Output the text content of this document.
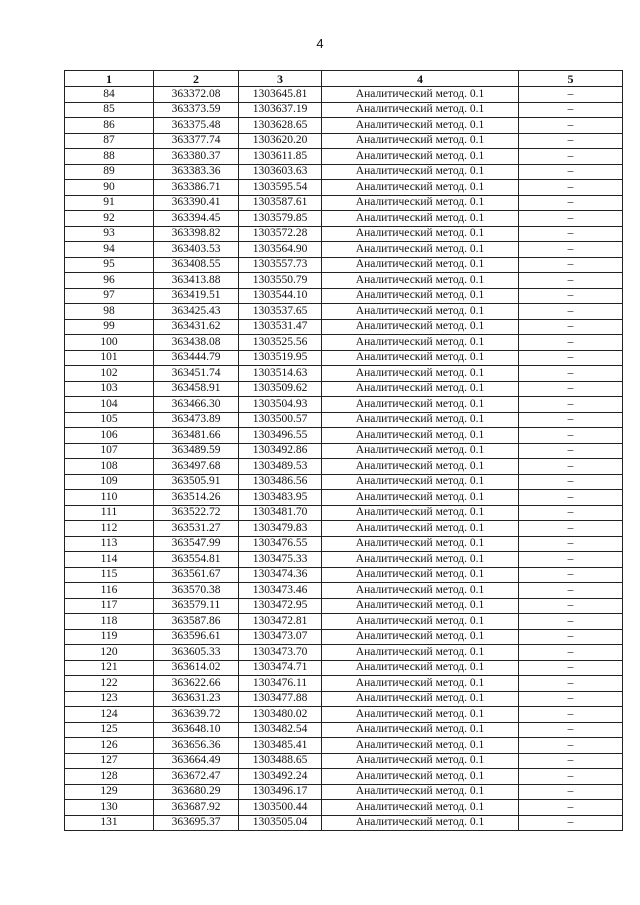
4
1	2	3	4	5
84	363372.08	1303645.81	Аналитический метод. 0.1	–
85	363373.59	1303637.19	Аналитический метод. 0.1	–
86	363375.48	1303628.65	Аналитический метод. 0.1	–
87	363377.74	1303620.20	Аналитический метод. 0.1	–
88	363380.37	1303611.85	Аналитический метод. 0.1	–
89	363383.36	1303603.63	Аналитический метод. 0.1	–
90	363386.71	1303595.54	Аналитический метод. 0.1	–
91	363390.41	1303587.61	Аналитический метод. 0.1	–
92	363394.45	1303579.85	Аналитический метод. 0.1	–
93	363398.82	1303572.28	Аналитический метод. 0.1	–
94	363403.53	1303564.90	Аналитический метод. 0.1	–
95	363408.55	1303557.73	Аналитический метод. 0.1	–
96	363413.88	1303550.79	Аналитический метод. 0.1	–
97	363419.51	1303544.10	Аналитический метод. 0.1	–
98	363425.43	1303537.65	Аналитический метод. 0.1	–
99	363431.62	1303531.47	Аналитический метод. 0.1	–
100	363438.08	1303525.56	Аналитический метод. 0.1	–
101	363444.79	1303519.95	Аналитический метод. 0.1	–
102	363451.74	1303514.63	Аналитический метод. 0.1	–
103	363458.91	1303509.62	Аналитический метод. 0.1	–
104	363466.30	1303504.93	Аналитический метод. 0.1	–
105	363473.89	1303500.57	Аналитический метод. 0.1	–
106	363481.66	1303496.55	Аналитический метод. 0.1	–
107	363489.59	1303492.86	Аналитический метод. 0.1	–
108	363497.68	1303489.53	Аналитический метод. 0.1	–
109	363505.91	1303486.56	Аналитический метод. 0.1	–
110	363514.26	1303483.95	Аналитический метод. 0.1	–
111	363522.72	1303481.70	Аналитический метод. 0.1	–
112	363531.27	1303479.83	Аналитический метод. 0.1	–
113	363547.99	1303476.55	Аналитический метод. 0.1	–
114	363554.81	1303475.33	Аналитический метод. 0.1	–
115	363561.67	1303474.36	Аналитический метод. 0.1	–
116	363570.38	1303473.46	Аналитический метод. 0.1	–
117	363579.11	1303472.95	Аналитический метод. 0.1	–
118	363587.86	1303472.81	Аналитический метод. 0.1	–
119	363596.61	1303473.07	Аналитический метод. 0.1	–
120	363605.33	1303473.70	Аналитический метод. 0.1	–
121	363614.02	1303474.71	Аналитический метод. 0.1	–
122	363622.66	1303476.11	Аналитический метод. 0.1	–
123	363631.23	1303477.88	Аналитический метод. 0.1	–
124	363639.72	1303480.02	Аналитический метод. 0.1	–
125	363648.10	1303482.54	Аналитический метод. 0.1	–
126	363656.36	1303485.41	Аналитический метод. 0.1	–
127	363664.49	1303488.65	Аналитический метод. 0.1	–
128	363672.47	1303492.24	Аналитический метод. 0.1	–
129	363680.29	1303496.17	Аналитический метод. 0.1	–
130	363687.92	1303500.44	Аналитический метод. 0.1	–
131	363695.37	1303505.04	Аналитический метод. 0.1	–
